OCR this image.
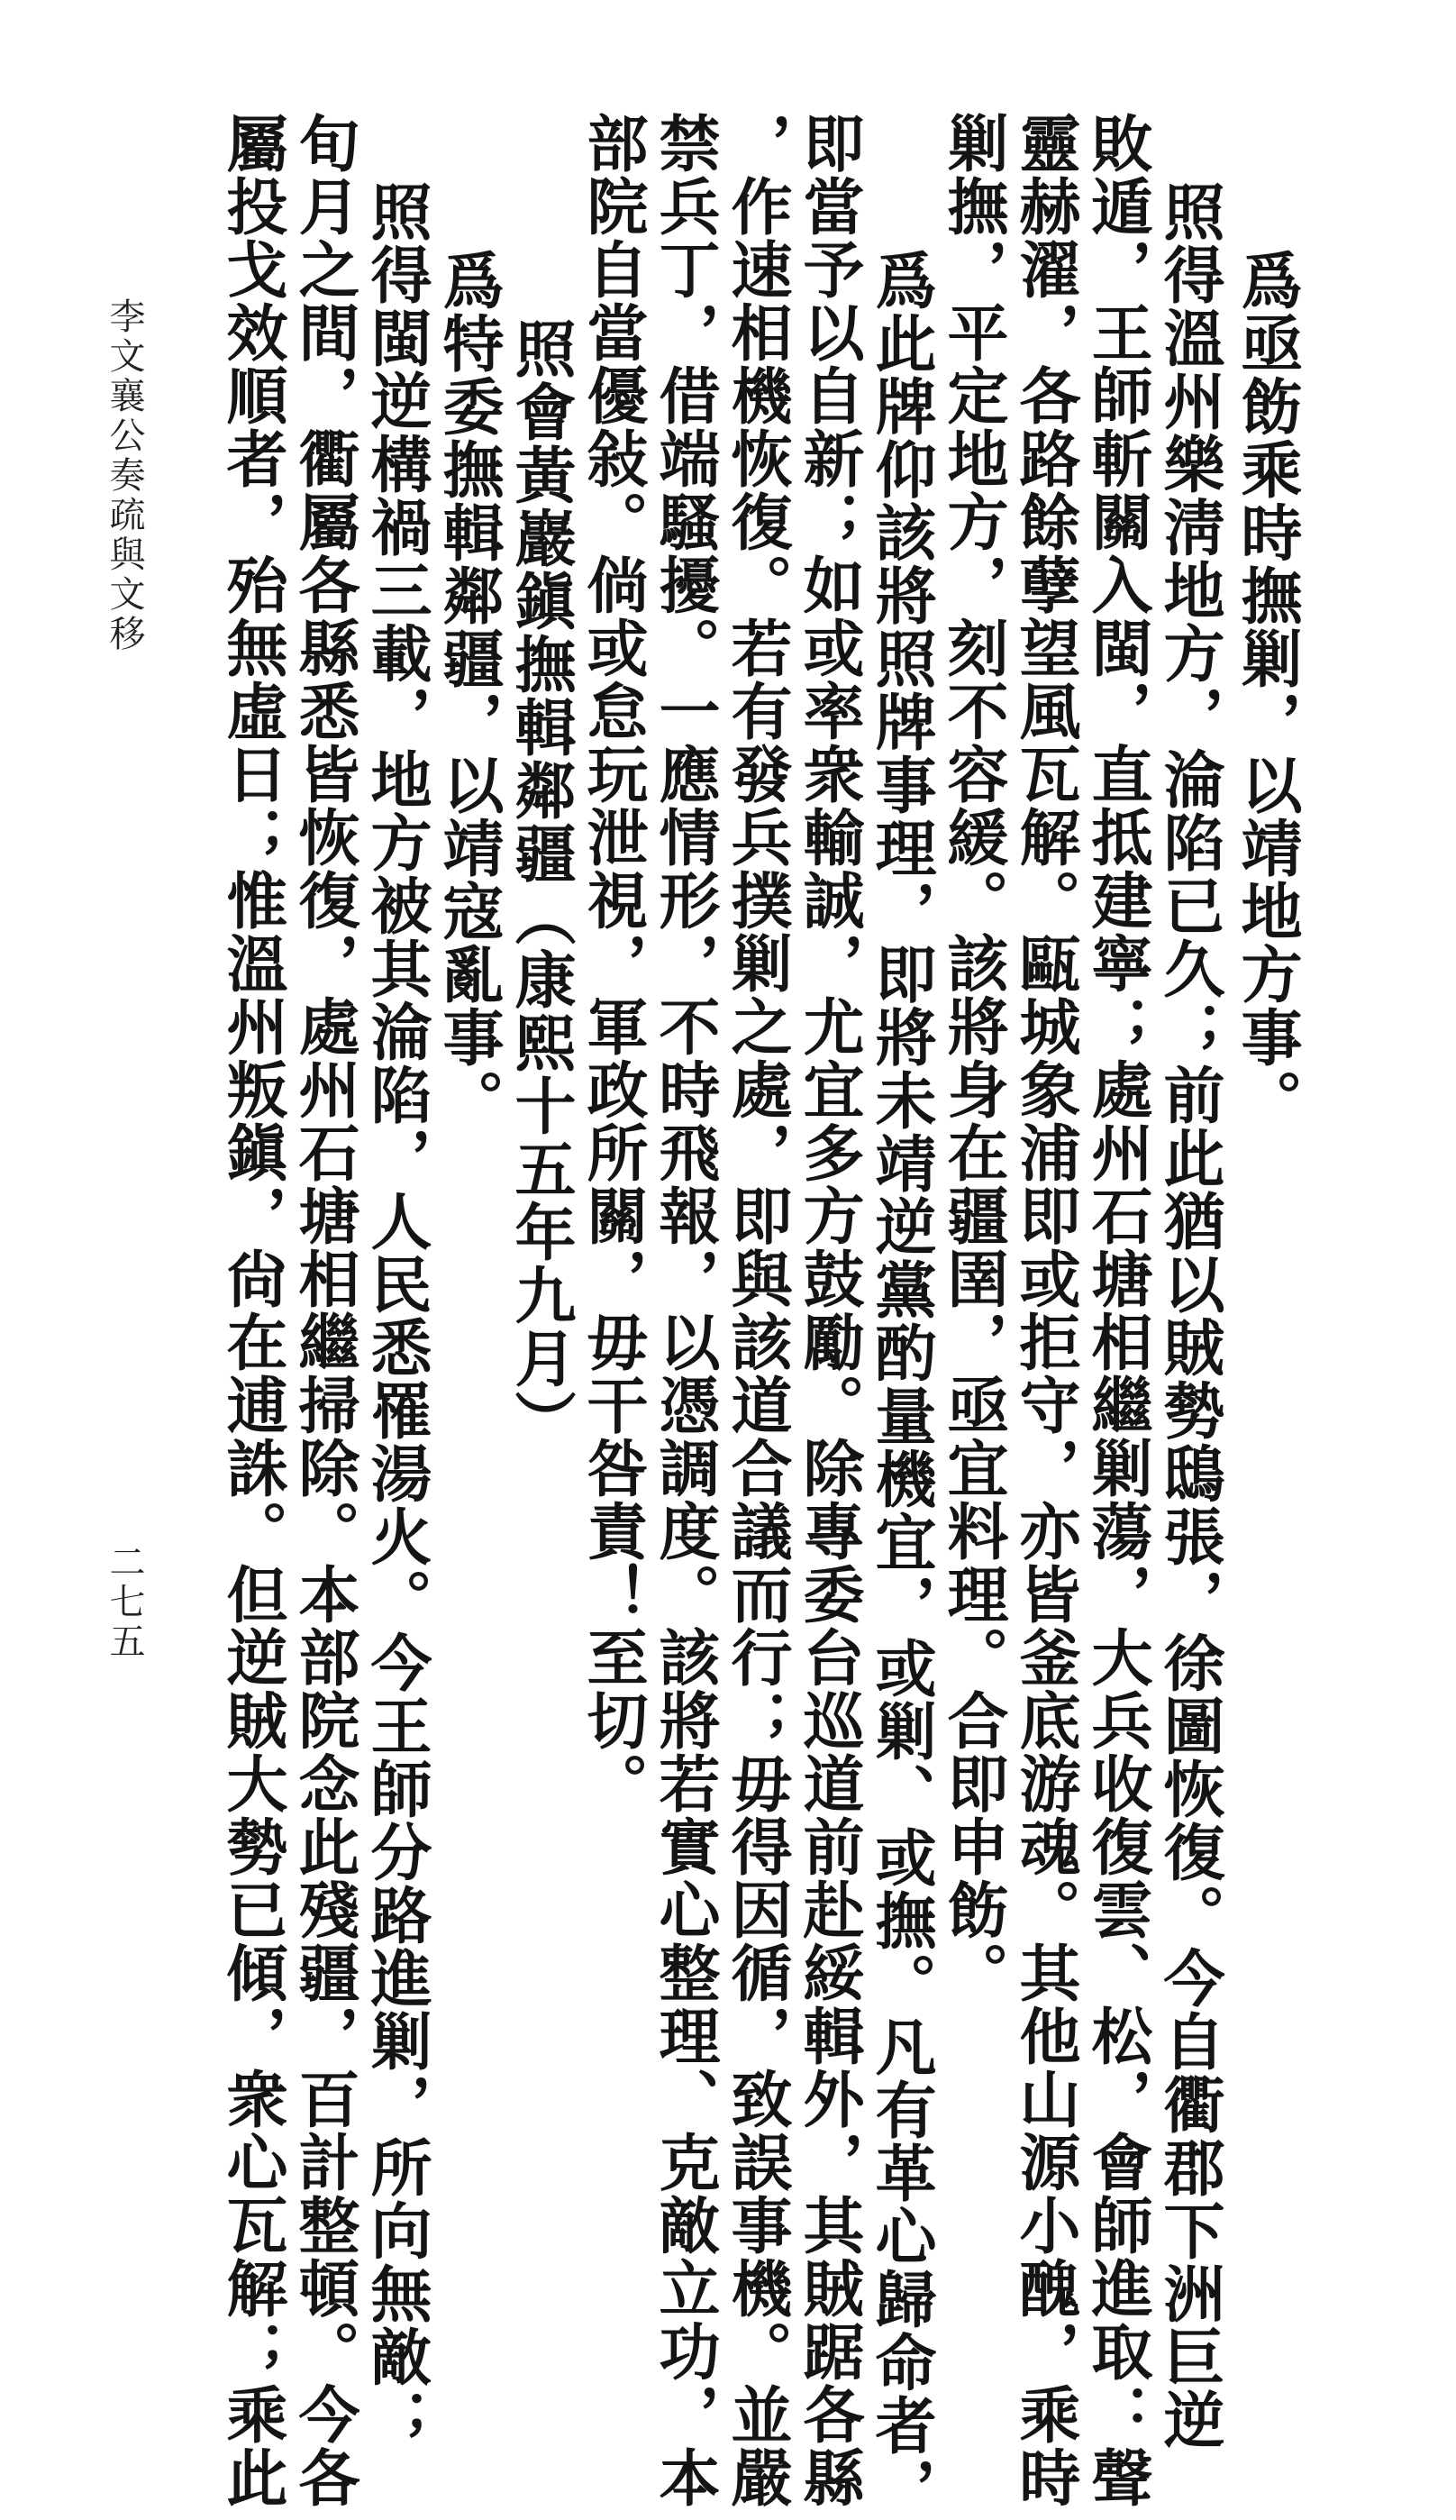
李文襄公奏疏與文移
二七五
爲亟飭乘時撫剿，以靖地方事。
照得溫州樂淸地方，淪陷已久；前此猶以賊勢鴟張，徐圖恢復。今自衢郡下洲巨逆
敗遁，王師斬關入閩，直抵建寧；處州石塘相繼剿蕩，大兵收復雲、松，會師進取：聲
靈赫濯，各路餘孽望風瓦解。甌城象浦即或拒守，亦皆釜底游魂。其他山源小醜，乘時
剿撫，平定地方，刻不容緩。該將身在疆圉，亟宜料理。合即申飭。
爲此牌仰該將照牌事理，即將未靖逆黨酌量機宜，或剿、或撫。凡有革心歸命者，
即當予以自新；如或率衆輸誠，尤宜多方鼓勵。除專委台巡道前赴綏輯外，其賊踞各縣
，作速相機恢復。若有發兵撲剿之處，即與該道合議而行；毋得因循，致誤事機。並嚴
禁兵丁，借端騷擾。一應情形，不時飛報，以憑調度。該將若實心整理、克敵立功，本
部院自當優敍。倘或怠玩泄視，軍政所關，毋干咎責！至切。
照會黃巖鎭撫輯鄰疆（康熙十五年九月）
爲特委撫輯鄰疆，以靖寇亂事。
照得閩逆構禍三載，地方被其淪陷，人民悉罹湯火。今王師分路進剿，所向無敵；
旬月之間，衢屬各縣悉皆恢復，處州石塘相繼掃除。本部院念此殘疆，百計整頓。今各
屬投戈效順者，殆無虛日；惟溫州叛鎭，尙在逋誅。但逆賊大勢已傾，衆心瓦解；乘此
